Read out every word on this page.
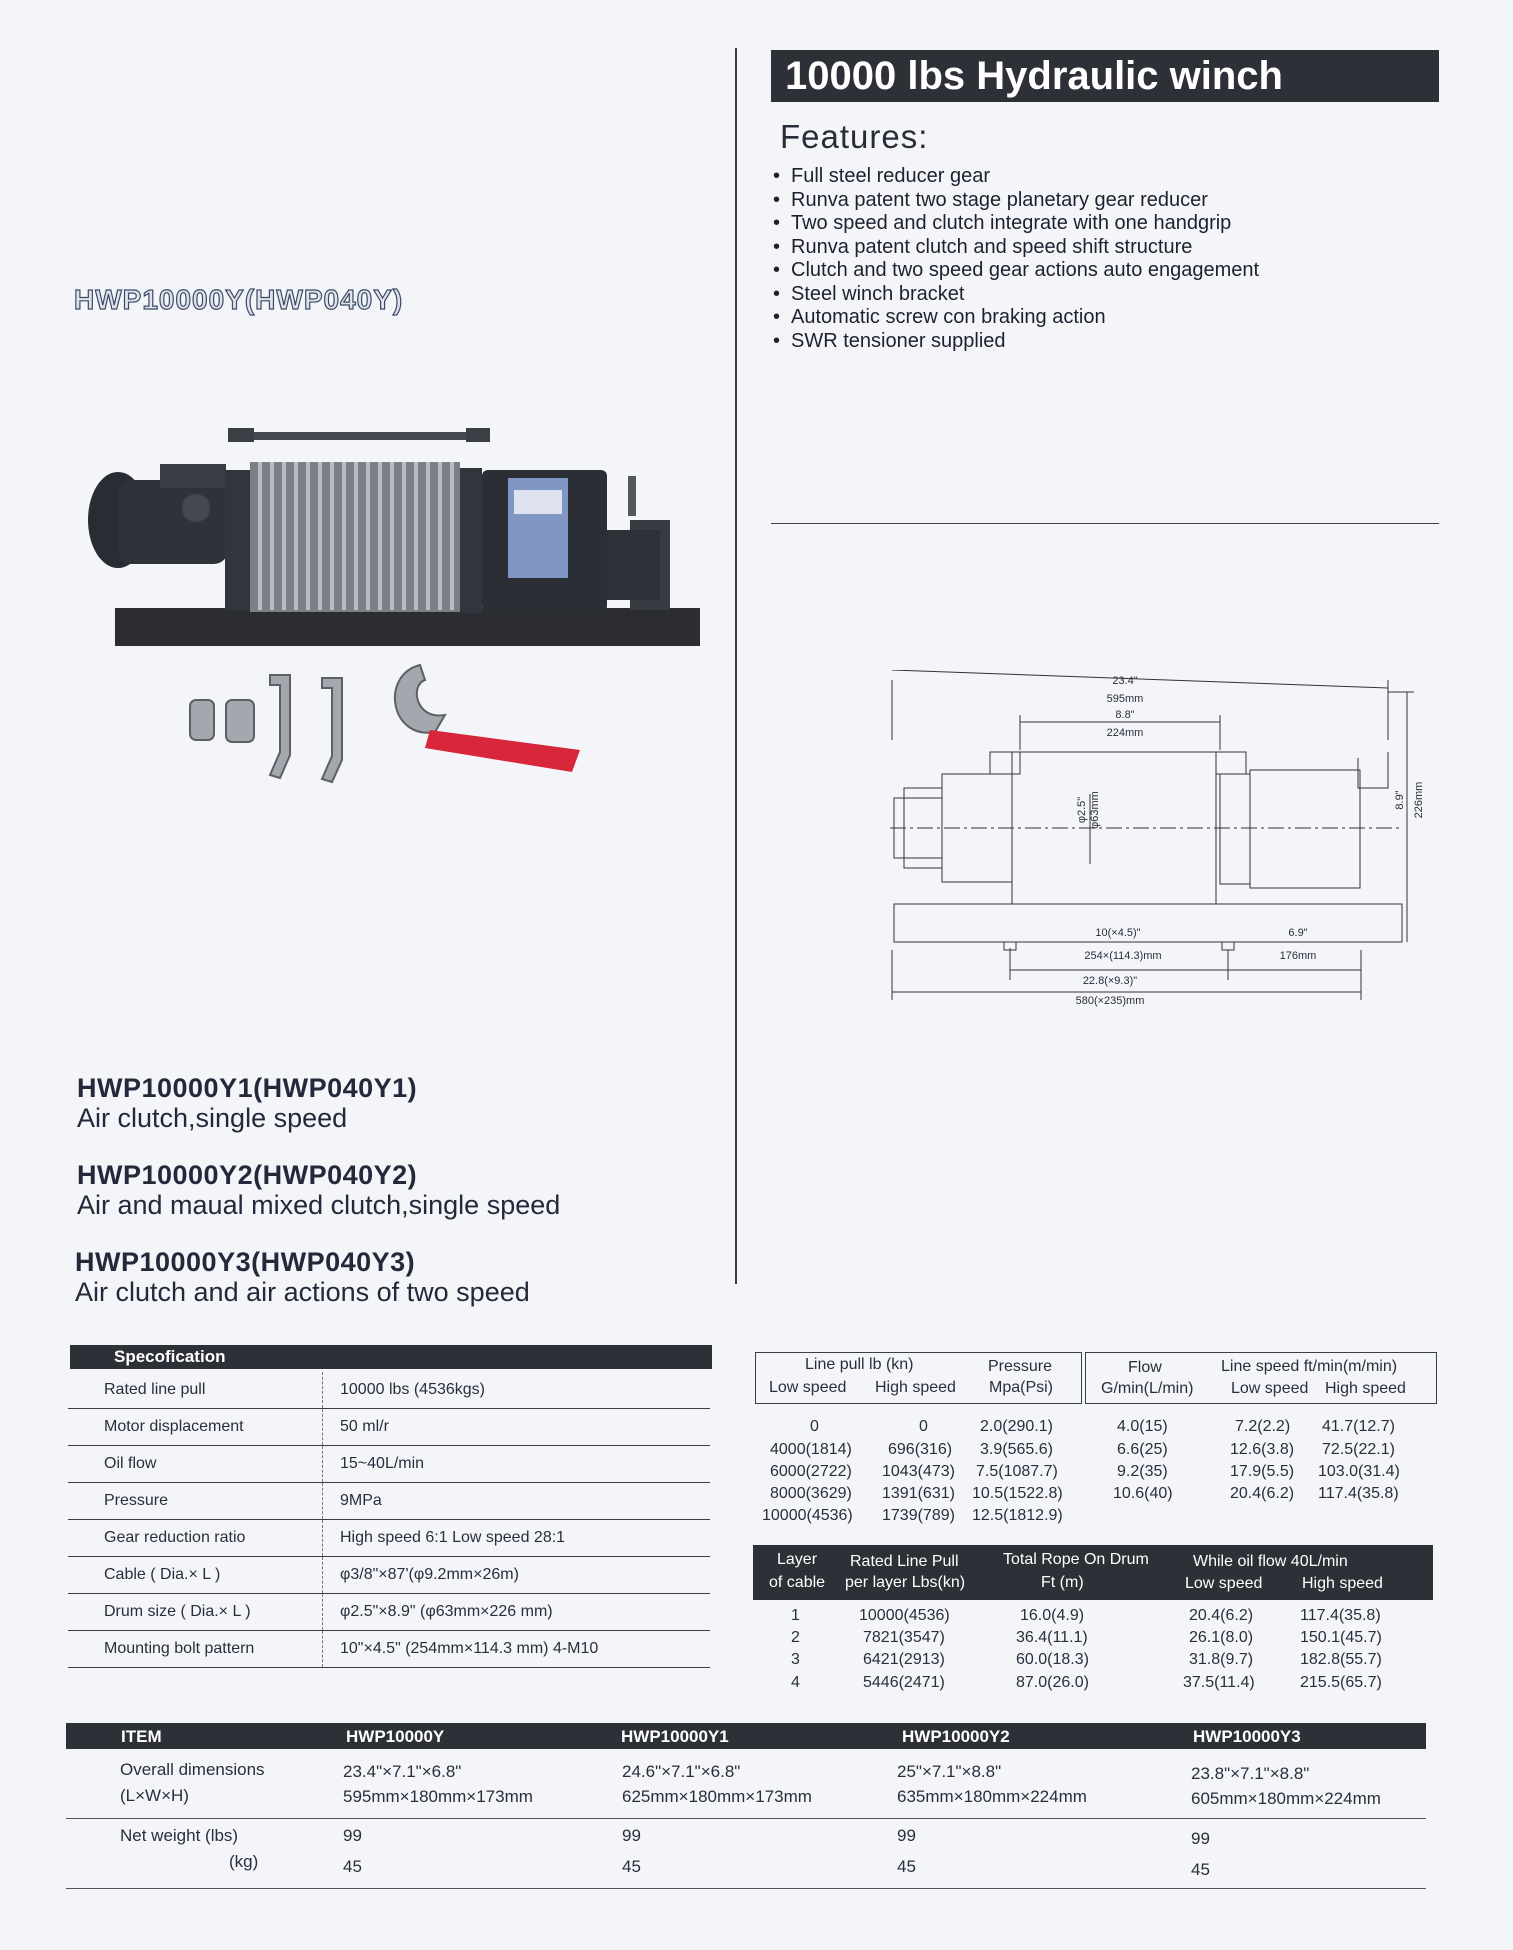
10000 lbs Hydraulic winch
Features:
• Full steel reducer gear
• Runva patent two stage planetary gear reducer
• Two speed and clutch integrate with one handgrip
• Runva patent clutch and speed shift structure
• Clutch and two speed gear actions auto engagement
• Steel winch bracket
• Automatic screw con braking action
• SWR tensioner supplied
HWP10000Y(HWP040Y)
23.4"
595mm
8.8"
224mm
φ2.5" φ63mm	8.9" 226mm
10(×4.5)"
254×(114.3)mm
6.9"
176mm
22.8(×9.3)"
580(×235)mm
HWP10000Y1(HWP040Y1)
Air clutch,single speed
HWP10000Y2(HWP040Y2)
Air and maual mixed clutch,single speed
HWP10000Y3(HWP040Y3)
Air clutch and air actions of two speed
Specofication
Rated line pull	10000 lbs (4536kgs)
Motor displacement	50 ml/r
Oil flow	15~40L/min
Pressure	9MPa
Gear reduction ratio	High speed 6:1 Low speed 28:1
Cable ( Dia.× L )	φ3/8"×87'(φ9.2mm×26m)
Drum size ( Dia.× L )	φ2.5"×8.9" (φ63mm×226 mm)
Mounting bolt pattern	10"×4.5" (254mm×114.3 mm) 4-M10
Line pull lb (kn)
Low speed High speed
Pressure
Mpa(Psi)
Flow
G/min(L/min)
Line speed ft/min(m/min)
Low speed High speed
0	0	2.0(290.1)	4.0(15)	7.2(2.2) 41.7(12.7)
4000(1814) 696(316) 3.9(565.6)	6.6(25)	12.6(3.8) 72.5(22.1)
6000(2722) 1043(473) 7.5(1087.7)	9.2(35)	17.9(5.5) 103.0(31.4)
8000(3629) 1391(631) 10.5(1522.8)	10.6(40)	20.4(6.2) 117.4(35.8)
10000(4536) 1739(789) 12.5(1812.9)
Layer
of cable
Rated Line Pull
per layer Lbs(kn)
Total Rope On Drum
Ft (m)
While oil flow 40L/min
Low speed High speed
1	10000(4536)	16.0(4.9)	20.4(6.2)	117.4(35.8)
2	7821(3547)	36.4(11.1)	26.1(8.0)	150.1(45.7)
3	6421(2913)	60.0(18.3)	31.8(9.7)	182.8(55.7)
4	5446(2471)	87.0(26.0)	37.5(11.4)	215.5(65.7)
ITEM	HWP10000Y	HWP10000Y1	HWP10000Y2	HWP10000Y3
Overall dimensions
(L×W×H)
23.4"×7.1"×6.8"	24.6"×7.1"×6.8"	25"×7.1"×8.8"	23.8"×7.1"×8.8"
595mm×180mm×173mm	625mm×180mm×173mm	635mm×180mm×224mm	605mm×180mm×224mm
Net weight (lbs)
(kg)
99	99	99	99
45	45	45	45
